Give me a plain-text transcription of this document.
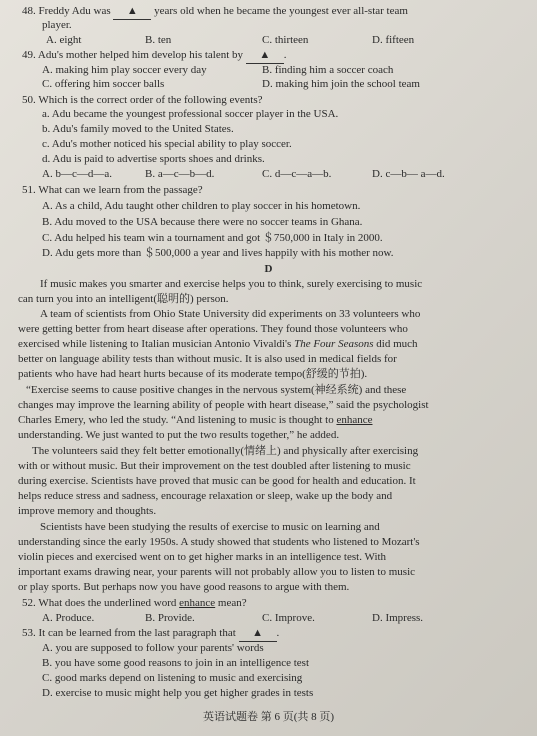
48. Freddy Adu was ▲ years old when he became the youngest ever all-star team
player.
A. eight	B. ten	C. thirteen	D. fifteen
49. Adu's mother helped him develop his talent by ▲ .
A. making him play soccer every day	B. finding him a soccer coach
C. offering him soccer balls	D. making him join the school team
50. Which is the correct order of the following events?
a. Adu became the youngest professional soccer player in the USA.
b. Adu's family moved to the United States.
c. Adu's mother noticed his special ability to play soccer.
d. Adu is paid to advertise sports shoes and drinks.
A. b—c—d—a.	B. a—c—b—d.	C. d—c—a—b.	D. c—b— a—d.
51. What can we learn from the passage?
A. As a child, Adu taught other children to play soccer in his hometown.
B. Adu moved to the USA because there were no soccer teams in Ghana.
C. Adu helped his team win a tournament and got ＄750,000 in Italy in 2000.
D. Adu gets more than ＄500,000 a year and lives happily with his mother now.
D
If music makes you smarter and exercise helps you to think, surely exercising to music
can turn you into an intelligent(聪明的) person.
A team of scientists from Ohio State University did experiments on 33 volunteers who
were getting better from heart disease after operations. They found those volunteers who
exercised while listening to Italian musician Antonio Vivaldi's The Four Seasons did much
better on language ability tests than without music. It is also used in medical fields for
patients who have had heart hurts because of its moderate tempo(舒缓的节拍).
“Exercise seems to cause positive changes in the nervous system(神经系统) and these
changes may improve the learning ability of people with heart disease,” said the psychologist
Charles Emery, who led the study. “And listening to music is thought to enhance
understanding. We just wanted to put the two results together,” he added.
The volunteers said they felt better emotionally(情绪上) and physically after exercising
with or without music. But their improvement on the test doubled after listening to music
during exercise. Scientists have proved that music can be good for health and education. It
helps reduce stress and sadness, encourage relaxation or sleep, wake up the body and
improve memory and thoughts.
Scientists have been studying the results of exercise to music on learning and
understanding since the early 1950s. A study showed that students who listened to Mozart's
violin pieces and exercised went on to get higher marks in an intelligence test. With
important exams drawing near, your parents will not probably allow you to listen to music
or play sports. But perhaps now you have good reasons to argue with them.
52. What does the underlined word enhance mean?
A. Produce.	B. Provide.	C. Improve.	D. Impress.
53. It can be learned from the last paragraph that ▲ .
A. you are supposed to follow your parents' words
B. you have some good reasons to join in an intelligence test
C. good marks depend on listening to music and exercising
D. exercise to music might help you get higher grades in tests
英语试题卷 第 6 页(共 8 页)
